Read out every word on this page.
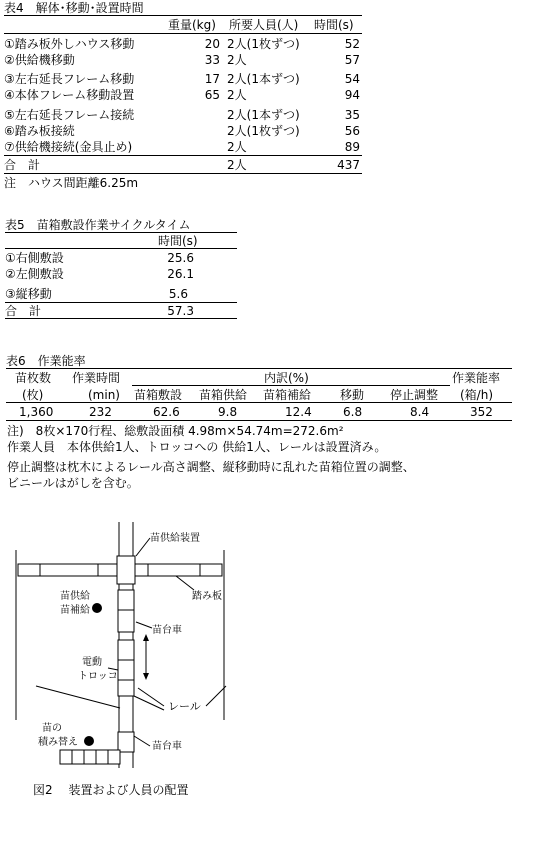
表4　解体･移動･設置時間
重量(kg) 所要人員(人) 時間(s)
①踏み板外しハウス移動	20 2人(1枚ずつ)	52
②供給機移動	33 2人	57
③左右延長フレーム移動	17 2人(1本ずつ)	54
④本体フレーム移動設置	65 2人	94
⑤左右延長フレーム接続	2人(1本ずつ)	35
⑥踏み板接続	2人(1枚ずつ)	56
⑦供給機接続(金具止め)	2人	89
合　計	2人	437
注　ハウス間距離6.25m
表5　苗箱敷設作業サイクルタイム
時間(s)
①右側敷設	25.6
②左側敷設	26.1
③縦移動	5.6
合　計	57.3
表6　作業能率
苗枚数 作業時間	内訳(%)	作業能率
(枚)	(min) 苗箱敷設 苗箱供給 苗箱補給 移動 停止調整 (箱/h)
1,360	232	62.6	9.8	12.4	6.8	8.4	352
注)　8枚×170行程、総敷設面積 4.98m×54.74m=272.6m²
作業人員　本体供給1人、トロッコへの 供給1人、レールは設置済み。
停止調整は枕木によるレール高さ調整、縦移動時に乱れた苗箱位置の調整、
ビニールはがしを含む。
苗供給装置
踏み板
苗供給
苗補給
苗台車
電動
トロッコ
レール
苗の
積み替え	苗台車
図2　 装置および人員の配置
